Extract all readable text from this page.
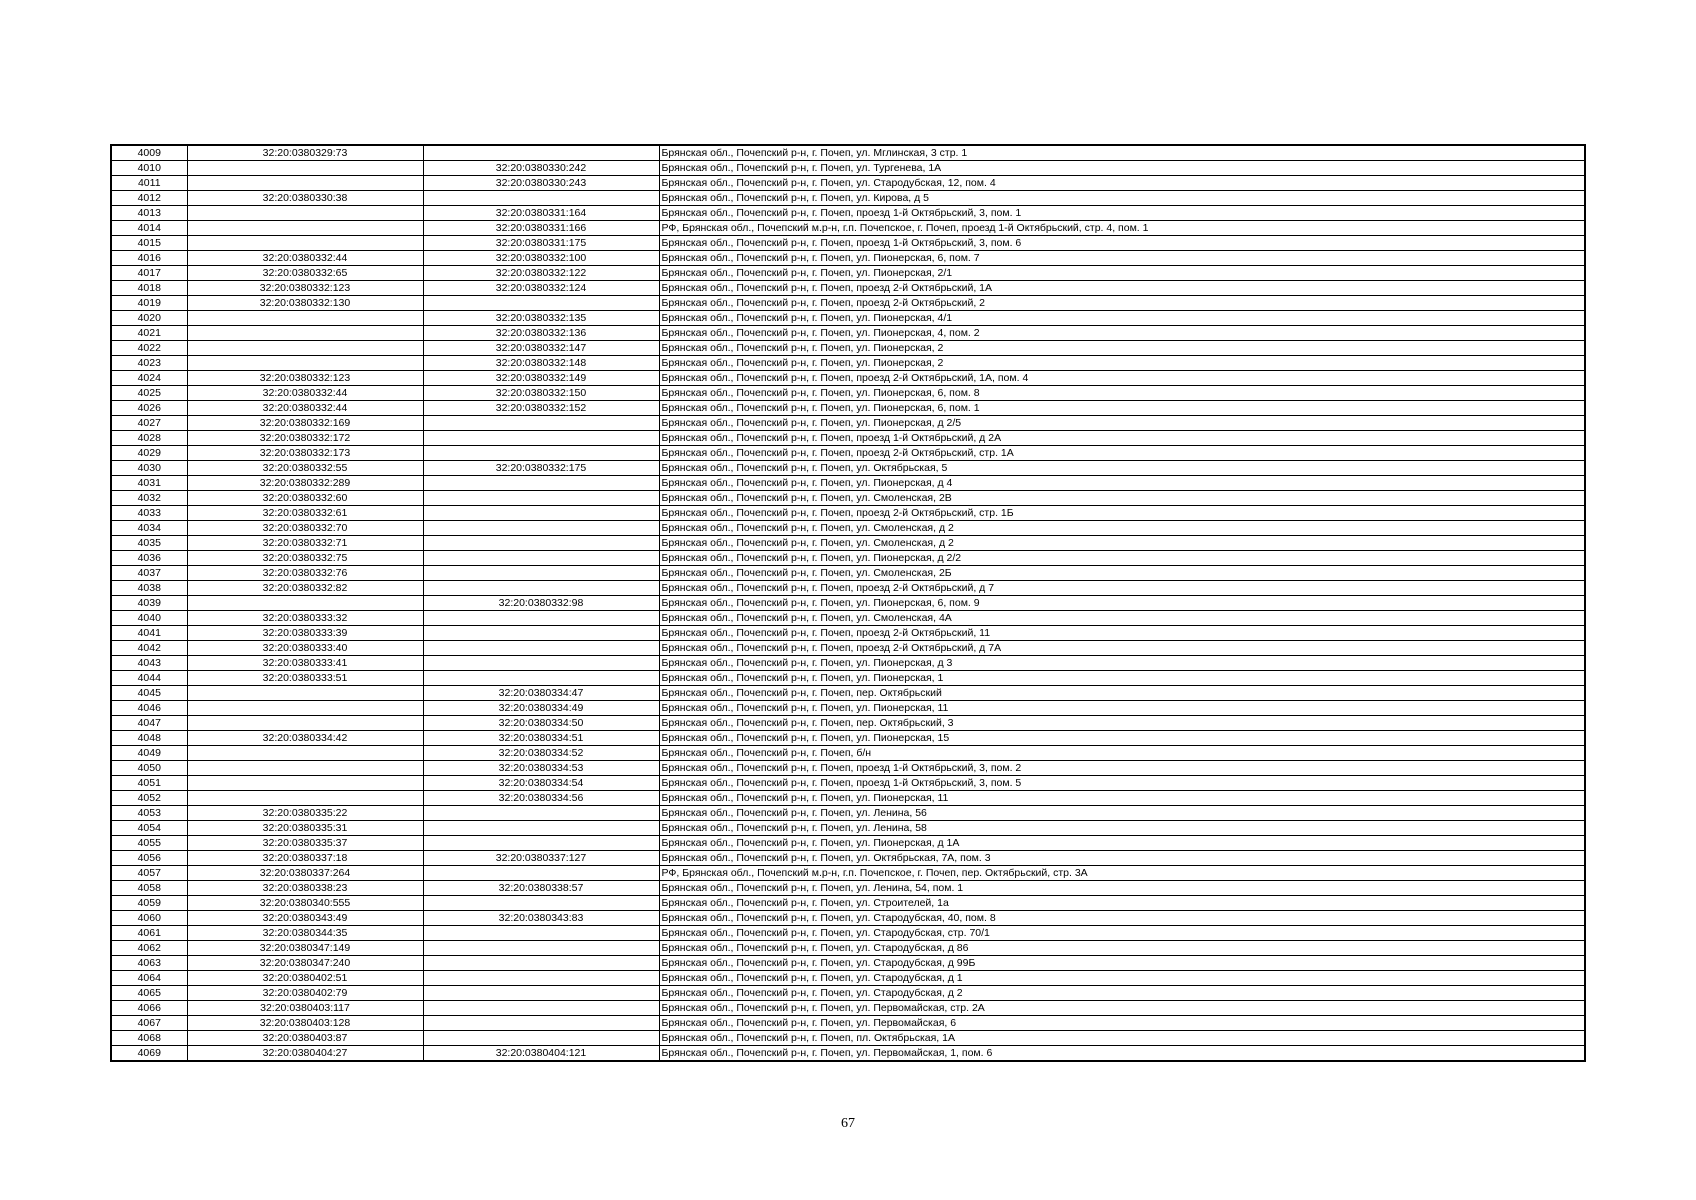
4009	32:20:0380329:73		Брянская обл., Почепский р-н, г. Почеп, ул. Мглинская, 3 стр. 1
4010		32:20:0380330:242	Брянская обл., Почепский р-н, г. Почеп, ул. Тургенева, 1А
4011		32:20:0380330:243	Брянская обл., Почепский р-н, г. Почеп, ул. Стародубская, 12, пом. 4
4012	32:20:0380330:38		Брянская обл., Почепский р-н, г. Почеп, ул. Кирова, д 5
4013		32:20:0380331:164	Брянская обл., Почепский р-н, г. Почеп, проезд 1-й Октябрьский, 3, пом. 1
4014		32:20:0380331:166	РФ, Брянская обл., Почепский м.р-н, г.п. Почепское, г. Почеп, проезд 1-й Октябрьский, стр. 4, пом. 1
4015		32:20:0380331:175	Брянская обл., Почепский р-н, г. Почеп, проезд 1-й Октябрьский, 3, пом. 6
4016	32:20:0380332:44	32:20:0380332:100	Брянская обл., Почепский р-н, г. Почеп, ул. Пионерская, 6, пом. 7
4017	32:20:0380332:65	32:20:0380332:122	Брянская обл., Почепский р-н, г. Почеп, ул. Пионерская, 2/1
4018	32:20:0380332:123	32:20:0380332:124	Брянская обл., Почепский р-н, г. Почеп, проезд 2-й Октябрьский, 1А
4019	32:20:0380332:130		Брянская обл., Почепский р-н, г. Почеп, проезд 2-й Октябрьский, 2
4020		32:20:0380332:135	Брянская обл., Почепский р-н, г. Почеп, ул. Пионерская, 4/1
4021		32:20:0380332:136	Брянская обл., Почепский р-н, г. Почеп, ул. Пионерская, 4, пом. 2
4022		32:20:0380332:147	Брянская обл., Почепский р-н, г. Почеп, ул. Пионерская, 2
4023		32:20:0380332:148	Брянская обл., Почепский р-н, г. Почеп, ул. Пионерская, 2
4024	32:20:0380332:123	32:20:0380332:149	Брянская обл., Почепский р-н, г. Почеп, проезд 2-й Октябрьский, 1А, пом. 4
4025	32:20:0380332:44	32:20:0380332:150	Брянская обл., Почепский р-н, г. Почеп, ул. Пионерская, 6, пом. 8
4026	32:20:0380332:44	32:20:0380332:152	Брянская обл., Почепский р-н, г. Почеп, ул. Пионерская, 6, пом. 1
4027	32:20:0380332:169		Брянская обл., Почепский р-н, г. Почеп, ул. Пионерская, д 2/5
4028	32:20:0380332:172		Брянская обл., Почепский р-н, г. Почеп, проезд 1-й Октябрьский, д 2А
4029	32:20:0380332:173		Брянская обл., Почепский р-н, г. Почеп, проезд 2-й Октябрьский, стр. 1А
4030	32:20:0380332:55	32:20:0380332:175	Брянская обл., Почепский р-н, г. Почеп, ул. Октябрьская, 5
4031	32:20:0380332:289		Брянская обл., Почепский р-н, г. Почеп, ул. Пионерская, д 4
4032	32:20:0380332:60		Брянская обл., Почепский р-н, г. Почеп, ул. Смоленская, 2В
4033	32:20:0380332:61		Брянская обл., Почепский р-н, г. Почеп, проезд 2-й Октябрьский, стр. 1Б
4034	32:20:0380332:70		Брянская обл., Почепский р-н, г. Почеп, ул. Смоленская, д 2
4035	32:20:0380332:71		Брянская обл., Почепский р-н, г. Почеп, ул. Смоленская, д 2
4036	32:20:0380332:75		Брянская обл., Почепский р-н, г. Почеп, ул. Пионерская, д 2/2
4037	32:20:0380332:76		Брянская обл., Почепский р-н, г. Почеп, ул. Смоленская, 2Б
4038	32:20:0380332:82		Брянская обл., Почепский р-н, г. Почеп, проезд 2-й Октябрьский, д 7
4039		32:20:0380332:98	Брянская обл., Почепский р-н, г. Почеп, ул. Пионерская, 6, пом. 9
4040	32:20:0380333:32		Брянская обл., Почепский р-н, г. Почеп, ул. Смоленская, 4А
4041	32:20:0380333:39		Брянская обл., Почепский р-н, г. Почеп, проезд 2-й Октябрьский, 11
4042	32:20:0380333:40		Брянская обл., Почепский р-н, г. Почеп, проезд 2-й Октябрьский, д 7А
4043	32:20:0380333:41		Брянская обл., Почепский р-н, г. Почеп, ул. Пионерская, д 3
4044	32:20:0380333:51		Брянская обл., Почепский р-н, г. Почеп, ул. Пионерская, 1
4045		32:20:0380334:47	Брянская обл., Почепский р-н, г. Почеп, пер. Октябрьский
4046		32:20:0380334:49	Брянская обл., Почепский р-н, г. Почеп, ул. Пионерская, 11
4047		32:20:0380334:50	Брянская обл., Почепский р-н, г. Почеп, пер. Октябрьский, 3
4048	32:20:0380334:42	32:20:0380334:51	Брянская обл., Почепский р-н, г. Почеп, ул. Пионерская, 15
4049		32:20:0380334:52	Брянская обл., Почепский р-н, г. Почеп, б/н
4050		32:20:0380334:53	Брянская обл., Почепский р-н, г. Почеп, проезд 1-й Октябрьский, 3, пом. 2
4051		32:20:0380334:54	Брянская обл., Почепский р-н, г. Почеп, проезд 1-й Октябрьский, 3, пом. 5
4052		32:20:0380334:56	Брянская обл., Почепский р-н, г. Почеп, ул. Пионерская, 11
4053	32:20:0380335:22		Брянская обл., Почепский р-н, г. Почеп, ул. Ленина, 56
4054	32:20:0380335:31		Брянская обл., Почепский р-н, г. Почеп, ул. Ленина, 58
4055	32:20:0380335:37		Брянская обл., Почепский р-н, г. Почеп, ул. Пионерская, д 1А
4056	32:20:0380337:18	32:20:0380337:127	Брянская обл., Почепский р-н, г. Почеп, ул. Октябрьская, 7А, пом. 3
4057	32:20:0380337:264		РФ, Брянская обл., Почепский м.р-н, г.п. Почепское, г. Почеп, пер. Октябрьский, стр. 3А
4058	32:20:0380338:23	32:20:0380338:57	Брянская обл., Почепский р-н, г. Почеп, ул. Ленина, 54, пом. 1
4059	32:20:0380340:555		Брянская обл., Почепский р-н, г. Почеп, ул. Строителей, 1а
4060	32:20:0380343:49	32:20:0380343:83	Брянская обл., Почепский р-н, г. Почеп, ул. Стародубская, 40, пом. 8
4061	32:20:0380344:35		Брянская обл., Почепский р-н, г. Почеп, ул. Стародубская, стр. 70/1
4062	32:20:0380347:149		Брянская обл., Почепский р-н, г. Почеп, ул. Стародубская, д 86
4063	32:20:0380347:240		Брянская обл., Почепский р-н, г. Почеп, ул. Стародубская, д 99Б
4064	32:20:0380402:51		Брянская обл., Почепский р-н, г. Почеп, ул. Стародубская, д 1
4065	32:20:0380402:79		Брянская обл., Почепский р-н, г. Почеп, ул. Стародубская, д 2
4066	32:20:0380403:117		Брянская обл., Почепский р-н, г. Почеп, ул. Первомайская, стр. 2А
4067	32:20:0380403:128		Брянская обл., Почепский р-н, г. Почеп, ул. Первомайская, 6
4068	32:20:0380403:87		Брянская обл., Почепский р-н, г. Почеп, пл. Октябрьская, 1А
4069	32:20:0380404:27	32:20:0380404:121	Брянская обл., Почепский р-н, г. Почеп, ул. Первомайская, 1, пом. 6
67
